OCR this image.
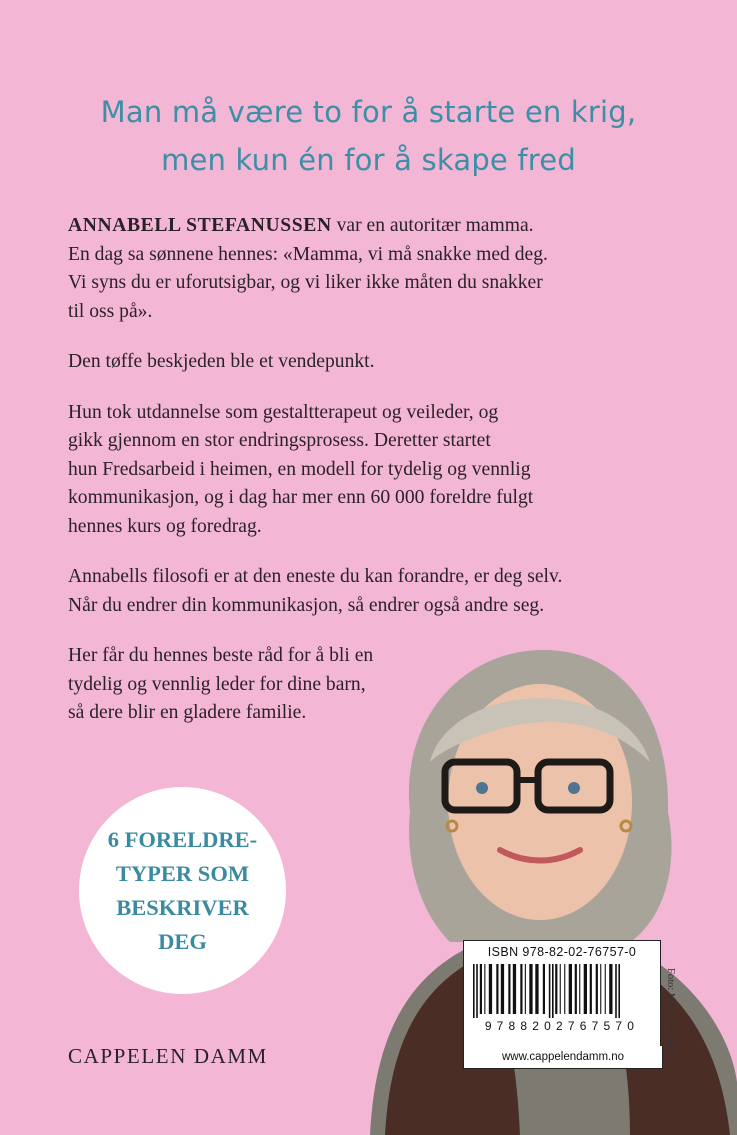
Man må være to for å starte en krig,
men kun én for å skape fred

ANNABELL STEFANUSSEN var en autoritær mamma.
En dag sa sønnene hennes: «Mamma, vi må snakke med deg.
Vi syns du er uforutsigbar, og vi liker ikke måten du snakker
til oss på».

Den tøffe beskjeden ble et vendepunkt.

Hun tok utdannelse som gestaltterapeut og veileder, og
gikk gjennom en stor endringsprosess. Deretter startet
hun Fredsarbeid i heimen, en modell for tydelig og vennlig
kommunikasjon, og i dag har mer enn 60 000 foreldre fulgt
hennes kurs og foredrag.

Annabells filosofi er at den eneste du kan forandre, er deg selv.
Når du endrer din kommunikasjon, så endrer også andre seg.

Her får du hennes beste råd for å bli en
tydelig og vennlig leder for dine barn,
så dere blir en gladere familie.

6 FORELDRE-
TYPER SOM
BESKRIVER
DEG
CAPPELEN DAMM
Foto: Mona Nordøy
ISBN 978-82-02-76757-0
9788202767570
www.cappelendamm.no
